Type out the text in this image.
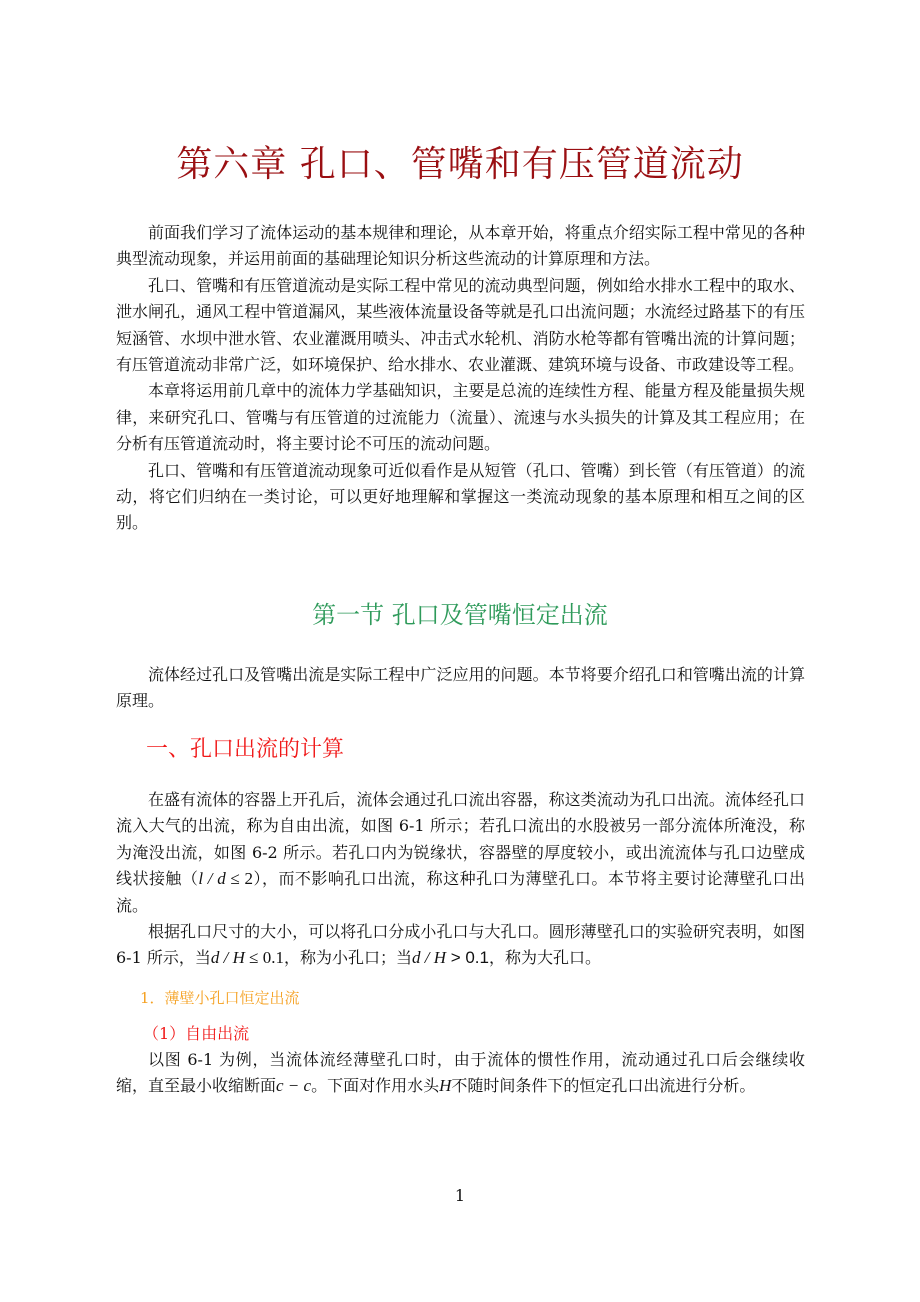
第六章 孔口、管嘴和有压管道流动

前面我们学习了流体运动的基本规律和理论，从本章开始，将重点介绍实际工程中常见的各种典型流动现象，并运用前面的基础理论知识分析这些流动的计算原理和方法。

孔口、管嘴和有压管道流动是实际工程中常见的流动典型问题，例如给水排水工程中的取水、泄水闸孔，通风工程中管道漏风，某些液体流量设备等就是孔口出流问题；水流经过路基下的有压短涵管、水坝中泄水管、农业灌溉用喷头、冲击式水轮机、消防水枪等都有管嘴出流的计算问题；有压管道流动非常广泛，如环境保护、给水排水、农业灌溉、建筑环境与设备、市政建设等工程。

本章将运用前几章中的流体力学基础知识，主要是总流的连续性方程、能量方程及能量损失规律，来研究孔口、管嘴与有压管道的过流能力（流量）、流速与水头损失的计算及其工程应用；在分析有压管道流动时，将主要讨论不可压的流动问题。

孔口、管嘴和有压管道流动现象可近似看作是从短管（孔口、管嘴）到长管（有压管道）的流动，将它们归纳在一类讨论，可以更好地理解和掌握这一类流动现象的基本原理和相互之间的区别。

第一节 孔口及管嘴恒定出流

流体经过孔口及管嘴出流是实际工程中广泛应用的问题。本节将要介绍孔口和管嘴出流的计算原理。

一、孔口出流的计算

在盛有流体的容器上开孔后，流体会通过孔口流出容器，称这类流动为孔口出流。流体经孔口流入大气的出流，称为自由出流，如图 6-1 所示；若孔口流出的水股被另一部分流体所淹没，称为淹没出流，如图 6-2 所示。若孔口内为锐缘状，容器壁的厚度较小，或出流流体与孔口边壁成线状接触（l / d ≤ 2），而不影响孔口出流，称这种孔口为薄壁孔口。本节将主要讨论薄壁孔口出流。

根据孔口尺寸的大小，可以将孔口分成小孔口与大孔口。圆形薄壁孔口的实验研究表明，如图 6-1 所示，当d / H ≤ 0.1，称为小孔口；当d / H > 0.1，称为大孔口。

1．薄壁小孔口恒定出流
（1）自由出流

以图 6-1 为例，当流体流经薄壁孔口时，由于流体的惯性作用，流动通过孔口后会继续收缩，直至最小收缩断面c − c。下面对作用水头H不随时间条件下的恒定孔口出流进行分析。

1
